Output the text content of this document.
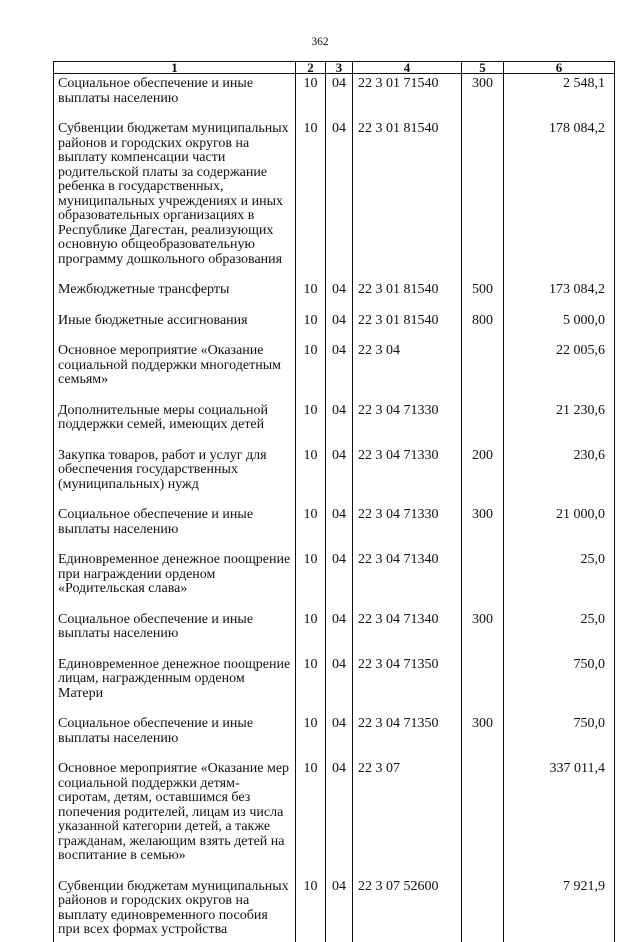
362
1	2	3	4	5	6
Социальное обеспечение и иные выплаты населению	10	04	22 3 01 71540	300	2 548,1
Субвенции бюджетам муниципальных районов и городских округов на выплату компенсации части родительской платы за содержание ребенка в государственных, муниципальных учреждениях и иных образовательных организациях в Республике Дагестан, реализующих основную общеобразовательную программу дошкольного образования	10	04	22 3 01 81540		178 084,2
Межбюджетные трансферты	10	04	22 3 01 81540	500	173 084,2
Иные бюджетные ассигнования	10	04	22 3 01 81540	800	5 000,0
Основное мероприятие «Оказание социальной поддержки многодетным семьям»	10	04	22 3 04		22 005,6
Дополнительные меры социальной поддержки семей, имеющих детей	10	04	22 3 04 71330		21 230,6
Закупка товаров, работ и услуг для обеспечения государственных (муниципальных) нужд	10	04	22 3 04 71330	200	230,6
Социальное обеспечение и иные выплаты населению	10	04	22 3 04 71330	300	21 000,0
Единовременное денежное поощрение при награждении орденом «Родительская слава»	10	04	22 3 04 71340		25,0
Социальное обеспечение и иные выплаты населению	10	04	22 3 04 71340	300	25,0
Единовременное денежное поощрение лицам, награжденным орденом Матери	10	04	22 3 04 71350		750,0
Социальное обеспечение и иные выплаты населению	10	04	22 3 04 71350	300	750,0
Основное мероприятие «Оказание мер социальной поддержки детям-сиротам, детям, оставшимся без попечения родителей, лицам из числа указанной категории детей, а также гражданам, желающим взять детей на воспитание в семью»	10	04	22 3 07		337 011,4
Субвенции бюджетам муниципальных районов и городских округов на выплату единовременного пособия при всех формах устройства	10	04	22 3 07 52600		7 921,9
